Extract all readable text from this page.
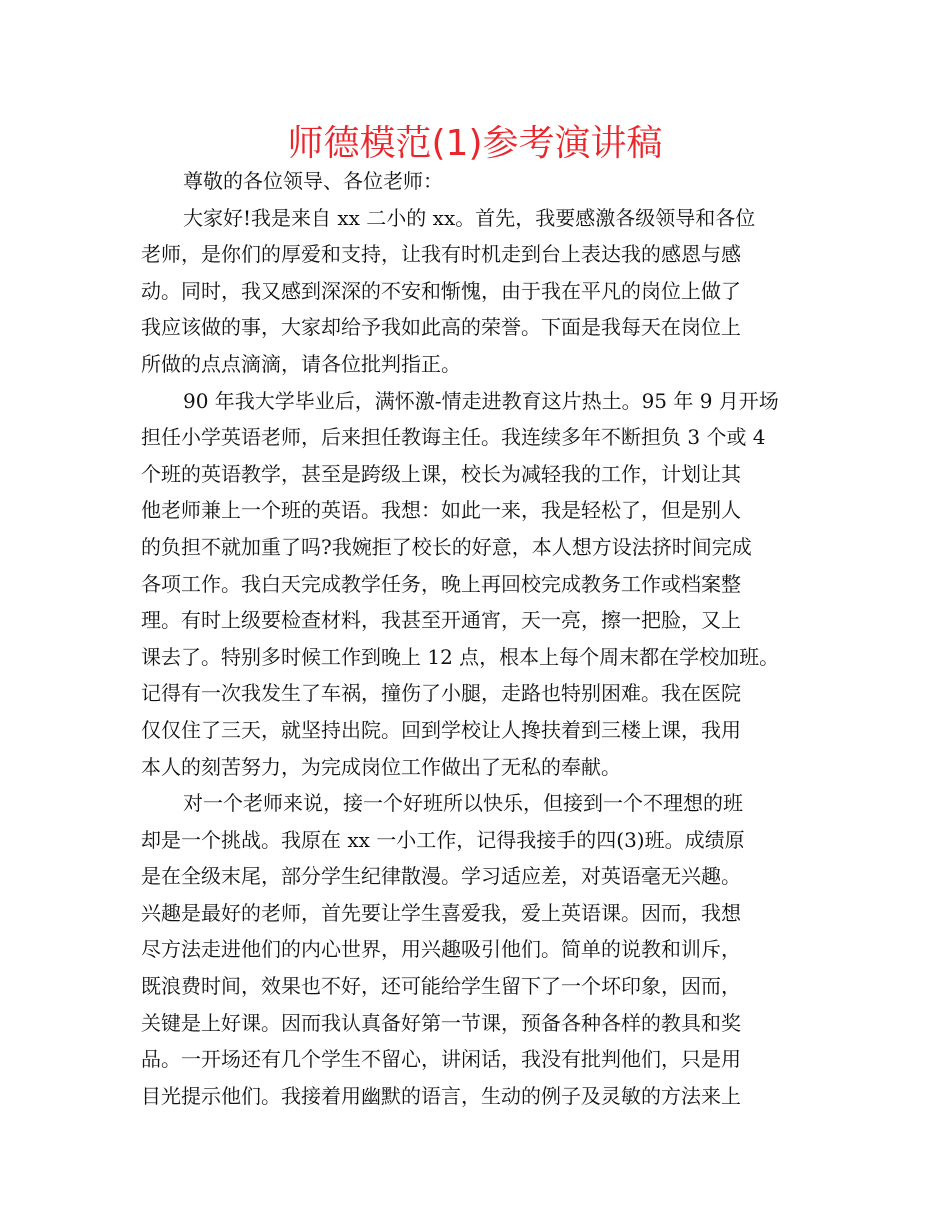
师德模范(1)参考演讲稿
尊敬的各位领导、各位老师：
大家好!我是来自 xx 二小的 xx。首先，我要感激各级领导和各位
老师，是你们的厚爱和支持，让我有时机走到台上表达我的感恩与感
动。同时，我又感到深深的不安和惭愧，由于我在平凡的岗位上做了
我应该做的事，大家却给予我如此高的荣誉。下面是我每天在岗位上
所做的点点滴滴，请各位批判指正。
90 年我大学毕业后，满怀激-情走进教育这片热土。95 年 9 月开场
担任小学英语老师，后来担任教诲主任。我连续多年不断担负 3 个或 4
个班的英语教学，甚至是跨级上课，校长为减轻我的工作，计划让其
他老师兼上一个班的英语。我想：如此一来，我是轻松了，但是别人
的负担不就加重了吗?我婉拒了校长的好意，本人想方设法挤时间完成
各项工作。我白天完成教学任务，晚上再回校完成教务工作或档案整
理。有时上级要检查材料，我甚至开通宵，天一亮，擦一把脸，又上
课去了。特别多时候工作到晚上 12 点，根本上每个周末都在学校加班。
记得有一次我发生了车祸，撞伤了小腿，走路也特别困难。我在医院
仅仅住了三天，就坚持出院。回到学校让人搀扶着到三楼上课，我用
本人的刻苦努力，为完成岗位工作做出了无私的奉献。
对一个老师来说，接一个好班所以快乐，但接到一个不理想的班
却是一个挑战。我原在 xx 一小工作，记得我接手的四(3)班。成绩原
是在全级末尾，部分学生纪律散漫。学习适应差，对英语毫无兴趣。
兴趣是最好的老师，首先要让学生喜爱我，爱上英语课。因而，我想
尽方法走进他们的内心世界，用兴趣吸引他们。简单的说教和训斥，
既浪费时间，效果也不好，还可能给学生留下了一个坏印象，因而，
关键是上好课。因而我认真备好第一节课，预备各种各样的教具和奖
品。一开场还有几个学生不留心，讲闲话，我没有批判他们，只是用
目光提示他们。我接着用幽默的语言，生动的例子及灵敏的方法来上
